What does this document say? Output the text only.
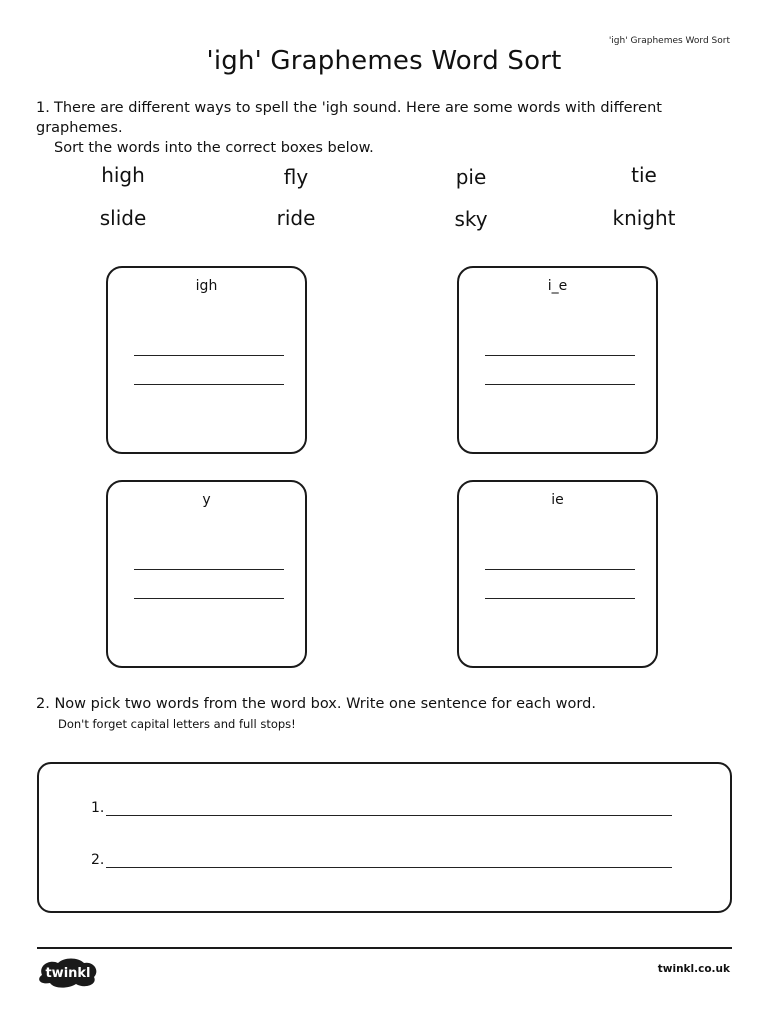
'igh' Graphemes Word Sort
'igh' Graphemes Word Sort
1. There are different ways to spell the 'igh sound. Here are some words with different graphemes.
Sort the words into the correct boxes below.
high	fly	pie	tie
slide	ride	sky	knight
igh	i_e
y	ie
2. Now pick two words from the word box. Write one sentence for each word.
Don't forget capital letters and full stops!
1.
2.
twinkl	twinkl.co.uk
